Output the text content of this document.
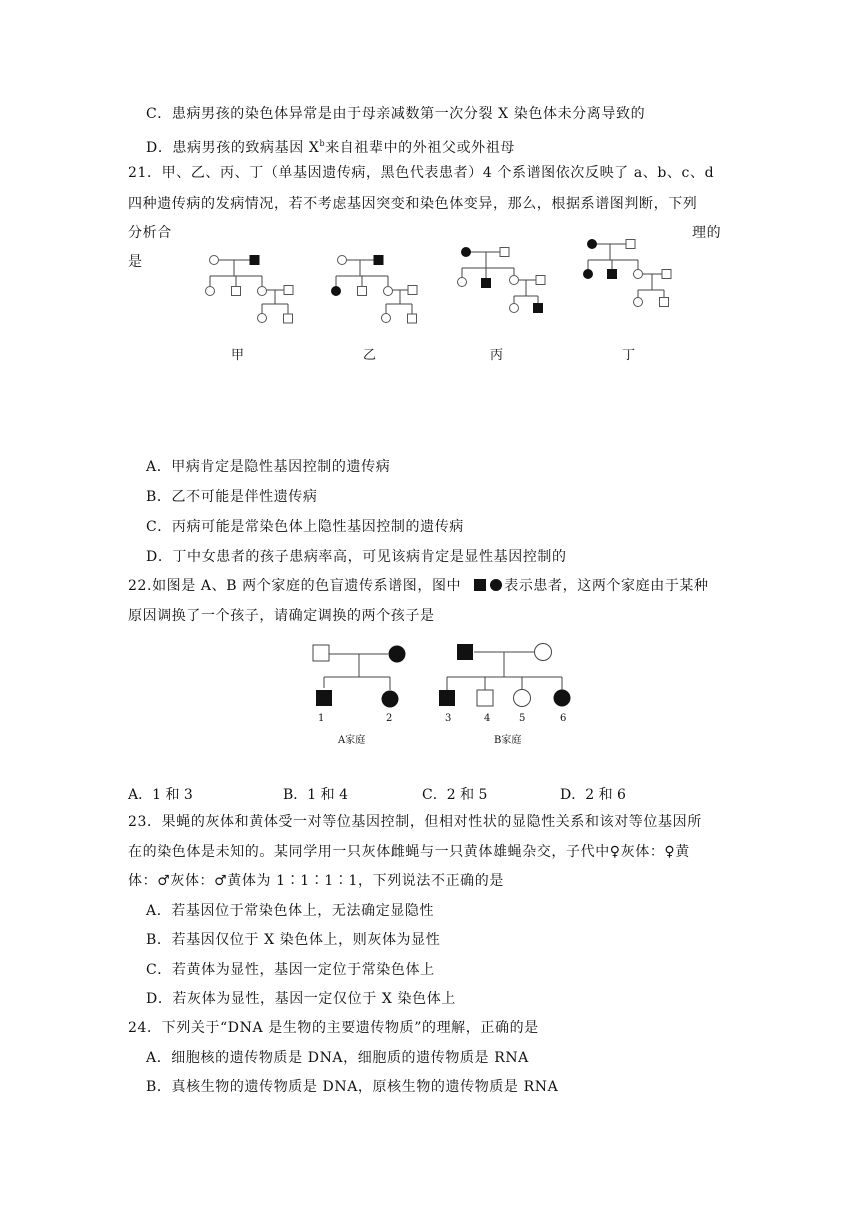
C．患病男孩的染色体异常是由于母亲减数第一次分裂 X 染色体未分离导致的
D．患病男孩的致病基因 $X^b$来自祖辈中的外祖父或外祖母
21．甲、乙、丙、丁（单基因遗传病，黑色代表患者）4 个系谱图依次反映了 a、b、c、d
四种遗传病的发病情况，若不考虑基因突变和染色体变异，那么，根据系谱图判断，下列
分析合	理的
是
甲	乙	丙	丁
A．甲病肯定是隐性基因控制的遗传病
B．乙不可能是伴性遗传病
C．丙病可能是常染色体上隐性基因控制的遗传病
D．丁中女患者的孩子患病率高，可见该病肯定是显性基因控制的
22.如图是 A、B 两个家庭的色盲遗传系谱图，图中	表示患者，这两个家庭由于某种
原因调换了一个孩子，请确定调换的两个孩子是
1	2	3	4	5	6
A家庭	B家庭
A．1 和 3	B．1 和 4	C．2 和 5	D．2 和 6
23．果蝇的灰体和黄体受一对等位基因控制，但相对性状的显隐性关系和该对等位基因所
在的染色体是未知的。某同学用一只灰体雌蝇与一只黄体雄蝇杂交，子代中♀灰体：♀黄
体：♂灰体：♂黄体为 1∶1∶1∶1，下列说法不正确的是
A．若基因位于常染色体上，无法确定显隐性
B．若基因仅位于 X 染色体上，则灰体为显性
C．若黄体为显性，基因一定位于常染色体上
D．若灰体为显性，基因一定仅位于 X 染色体上
24．下列关于“DNA 是生物的主要遗传物质”的理解，正确的是
A．细胞核的遗传物质是 DNA，细胞质的遗传物质是 RNA
B．真核生物的遗传物质是 DNA，原核生物的遗传物质是 RNA
